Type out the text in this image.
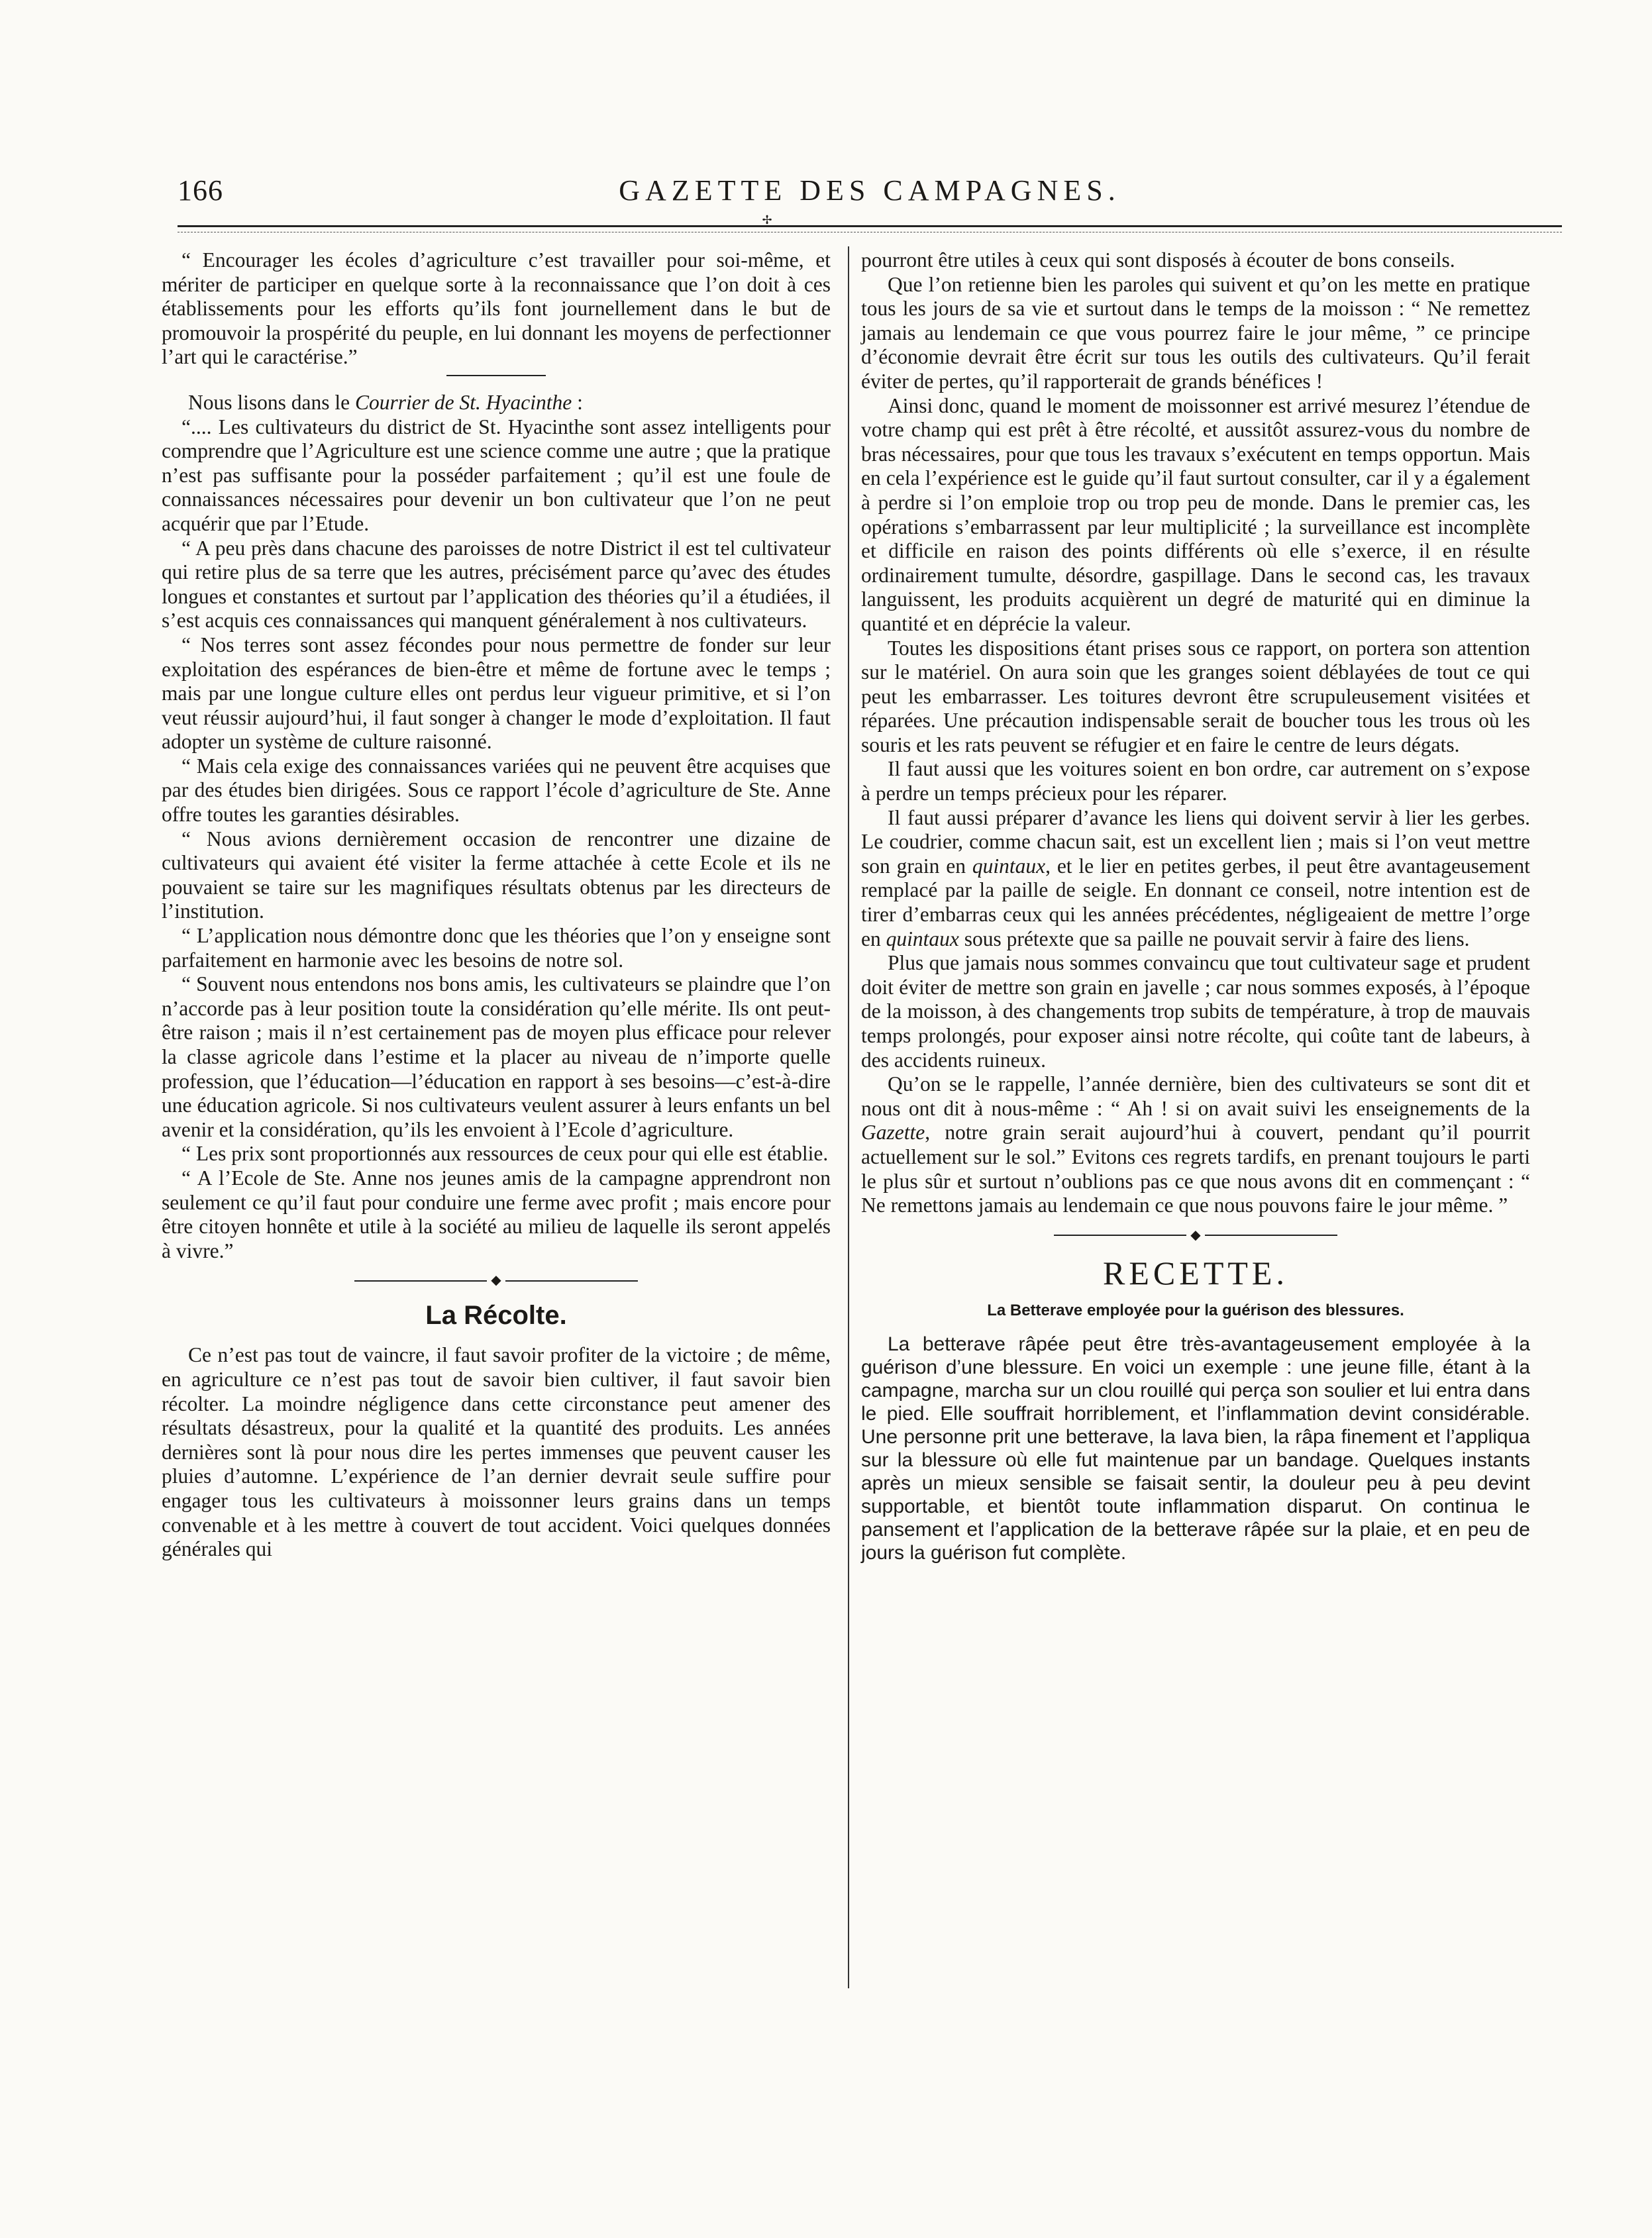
166	GAZETTE DES CAMPAGNES.
✢

“ Encourager les écoles d’agriculture c’est travailler pour soi-même, et mériter de participer en quelque sorte à la reconnaissance que l’on doit à ces établissements pour les efforts qu’ils font journellement dans le but de promouvoir la prospérité du peuple, en lui donnant les moyens de perfectionner l’art qui le caractérise.”

Nous lisons dans le Courrier de St. Hyacinthe :

“.... Les cultivateurs du district de St. Hyacinthe sont assez intelligents pour comprendre que l’Agriculture est une science comme une autre ; que la pratique n’est pas suffisante pour la posséder parfaitement ; qu’il est une foule de connaissances nécessaires pour devenir un bon cultivateur que l’on ne peut acquérir que par l’Etude.

“ A peu près dans chacune des paroisses de notre District il est tel cultivateur qui retire plus de sa terre que les autres, précisément parce qu’avec des études longues et constantes et surtout par l’application des théories qu’il a étudiées, il s’est acquis ces connaissances qui manquent généralement à nos cultivateurs.

“ Nos terres sont assez fécondes pour nous permettre de fonder sur leur exploitation des espérances de bien-être et même de fortune avec le temps ; mais par une longue culture elles ont perdus leur vigueur primitive, et si l’on veut réussir aujourd’hui, il faut songer à changer le mode d’exploitation. Il faut adopter un système de culture raisonné.

“ Mais cela exige des connaissances variées qui ne peuvent être acquises que par des études bien dirigées. Sous ce rapport l’école d’agriculture de Ste. Anne offre toutes les garanties désirables.

“ Nous avions dernièrement occasion de rencontrer une dizaine de cultivateurs qui avaient été visiter la ferme attachée à cette Ecole et ils ne pouvaient se taire sur les magnifiques résultats obtenus par les directeurs de l’institution.

“ L’application nous démontre donc que les théories que l’on y enseigne sont parfaitement en harmonie avec les besoins de notre sol.

“ Souvent nous entendons nos bons amis, les cultivateurs se plaindre que l’on n’accorde pas à leur position toute la considération qu’elle mérite. Ils ont peut-être raison ; mais il n’est certainement pas de moyen plus efficace pour relever la classe agricole dans l’estime et la placer au niveau de n’importe quelle profession, que l’éducation—l’éducation en rapport à ses besoins—c’est-à-dire une éducation agricole. Si nos cultivateurs veulent assurer à leurs enfants un bel avenir et la considération, qu’ils les envoient à l’Ecole d’agriculture.

“ Les prix sont proportionnés aux ressources de ceux pour qui elle est établie.

“ A l’Ecole de Ste. Anne nos jeunes amis de la campagne apprendront non seulement ce qu’il faut pour conduire une ferme avec profit ; mais encore pour être citoyen honnête et utile à la société au milieu de laquelle ils seront appelés à vivre.”

◆
La Récolte.

Ce n’est pas tout de vaincre, il faut savoir profiter de la victoire ; de même, en agriculture ce n’est pas tout de savoir bien cultiver, il faut savoir bien récolter. La moindre négligence dans cette circonstance peut amener des résultats désastreux, pour la qualité et la quantité des produits. Les années dernières sont là pour nous dire les pertes immenses que peuvent causer les pluies d’automne. L’expérience de l’an dernier devrait seule suffire pour engager tous les cultivateurs à moissonner leurs grains dans un temps convenable et à les mettre à couvert de tout accident. Voici quelques données générales qui

pourront être utiles à ceux qui sont disposés à écouter de bons conseils.

Que l’on retienne bien les paroles qui suivent et qu’on les mette en pratique tous les jours de sa vie et surtout dans le temps de la moisson : “ Ne remettez jamais au lendemain ce que vous pourrez faire le jour même, ” ce principe d’économie devrait être écrit sur tous les outils des cultivateurs. Qu’il ferait éviter de pertes, qu’il rapporterait de grands bénéfices !

Ainsi donc, quand le moment de moissonner est arrivé mesurez l’étendue de votre champ qui est prêt à être récolté, et aussitôt assurez-vous du nombre de bras nécessaires, pour que tous les travaux s’exécutent en temps opportun. Mais en cela l’expérience est le guide qu’il faut surtout consulter, car il y a également à perdre si l’on emploie trop ou trop peu de monde. Dans le premier cas, les opérations s’embarrassent par leur multiplicité ; la surveillance est incomplète et difficile en raison des points différents où elle s’exerce, il en résulte ordinairement tumulte, désordre, gaspillage. Dans le second cas, les travaux languissent, les produits acquièrent un degré de maturité qui en diminue la quantité et en déprécie la valeur.

Toutes les dispositions étant prises sous ce rapport, on portera son attention sur le matériel. On aura soin que les granges soient déblayées de tout ce qui peut les embarrasser. Les toitures devront être scrupuleusement visitées et réparées. Une précaution indispensable serait de boucher tous les trous où les souris et les rats peuvent se réfugier et en faire le centre de leurs dégats.

Il faut aussi que les voitures soient en bon ordre, car autrement on s’expose à perdre un temps précieux pour les réparer.

Il faut aussi préparer d’avance les liens qui doivent servir à lier les gerbes. Le coudrier, comme chacun sait, est un excellent lien ; mais si l’on veut mettre son grain en quintaux, et le lier en petites gerbes, il peut être avantageusement remplacé par la paille de seigle. En donnant ce conseil, notre intention est de tirer d’embarras ceux qui les années précédentes, négligeaient de mettre l’orge en quintaux sous prétexte que sa paille ne pouvait servir à faire des liens.

Plus que jamais nous sommes convaincu que tout cultivateur sage et prudent doit éviter de mettre son grain en javelle ; car nous sommes exposés, à l’époque de la moisson, à des changements trop subits de température, à trop de mauvais temps prolongés, pour exposer ainsi notre récolte, qui coûte tant de labeurs, à des accidents ruineux.

Qu’on se le rappelle, l’année dernière, bien des cultivateurs se sont dit et nous ont dit à nous-même : “ Ah ! si on avait suivi les enseignements de la Gazette, notre grain serait aujourd’hui à couvert, pendant qu’il pourrit actuellement sur le sol.” Evitons ces regrets tardifs, en prenant toujours le parti le plus sûr et surtout n’oublions pas ce que nous avons dit en commençant : “ Ne remettons jamais au lendemain ce que nous pouvons faire le jour même. ”

◆
RECETTE.
La Betterave employée pour la guérison des blessures.

La betterave râpée peut être très-avantageusement employée à la guérison d’une blessure. En voici un exemple : une jeune fille, étant à la campagne, marcha sur un clou rouillé qui perça son soulier et lui entra dans le pied. Elle souffrait horriblement, et l’inflammation devint considérable. Une personne prit une betterave, la lava bien, la râpa finement et l’appliqua sur la blessure où elle fut maintenue par un bandage. Quelques instants après un mieux sensible se faisait sentir, la douleur peu à peu devint supportable, et bientôt toute inflammation disparut. On continua le pansement et l’application de la betterave râpée sur la plaie, et en peu de jours la guérison fut complète.
